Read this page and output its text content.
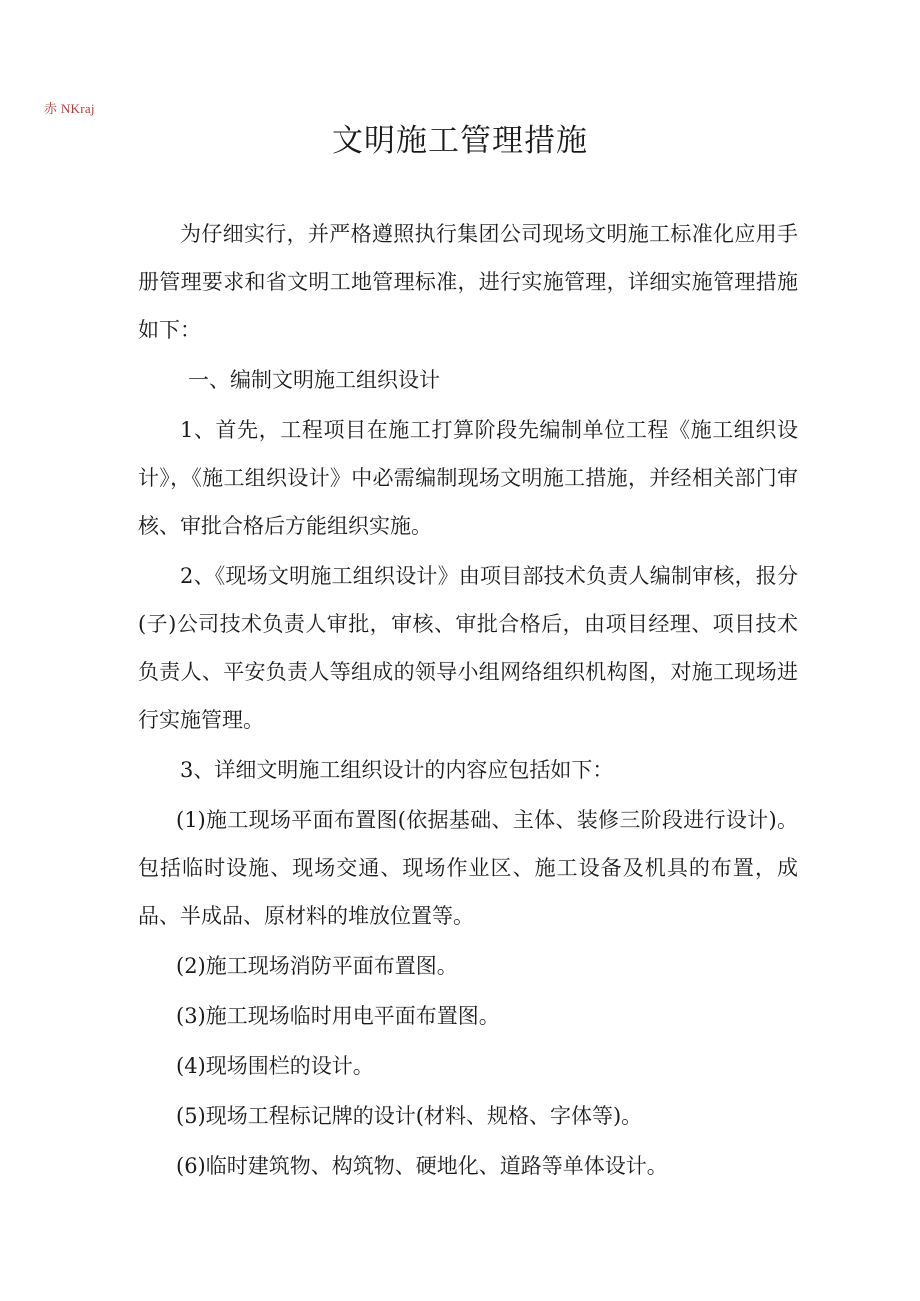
赤 NKraj
文明施工管理措施

为仔细实行，并严格遵照执行集团公司现场文明施工标准化应用手册管理要求和省文明工地管理标准，进行实施管理，详细实施管理措施如下：

一、编制文明施工组织设计

1、首先，工程项目在施工打算阶段先编制单位工程《施工组织设计》，《施工组织设计》中必需编制现场文明施工措施，并经相关部门审核、审批合格后方能组织实施。

2、《现场文明施工组织设计》由项目部技术负责人编制审核，报分(子)公司技术负责人审批，审核、审批合格后，由项目经理、项目技术负责人、平安负责人等组成的领导小组网络组织机构图，对施工现场进行实施管理。

3、详细文明施工组织设计的内容应包括如下：

(1)施工现场平面布置图(依据基础、主体、装修三阶段进行设计)。包括临时设施、现场交通、现场作业区、施工设备及机具的布置，成品、半成品、原材料的堆放位置等。

(2)施工现场消防平面布置图。

(3)施工现场临时用电平面布置图。

(4)现场围栏的设计。

(5)现场工程标记牌的设计(材料、规格、字体等)。

(6)临时建筑物、构筑物、硬地化、道路等单体设计。
